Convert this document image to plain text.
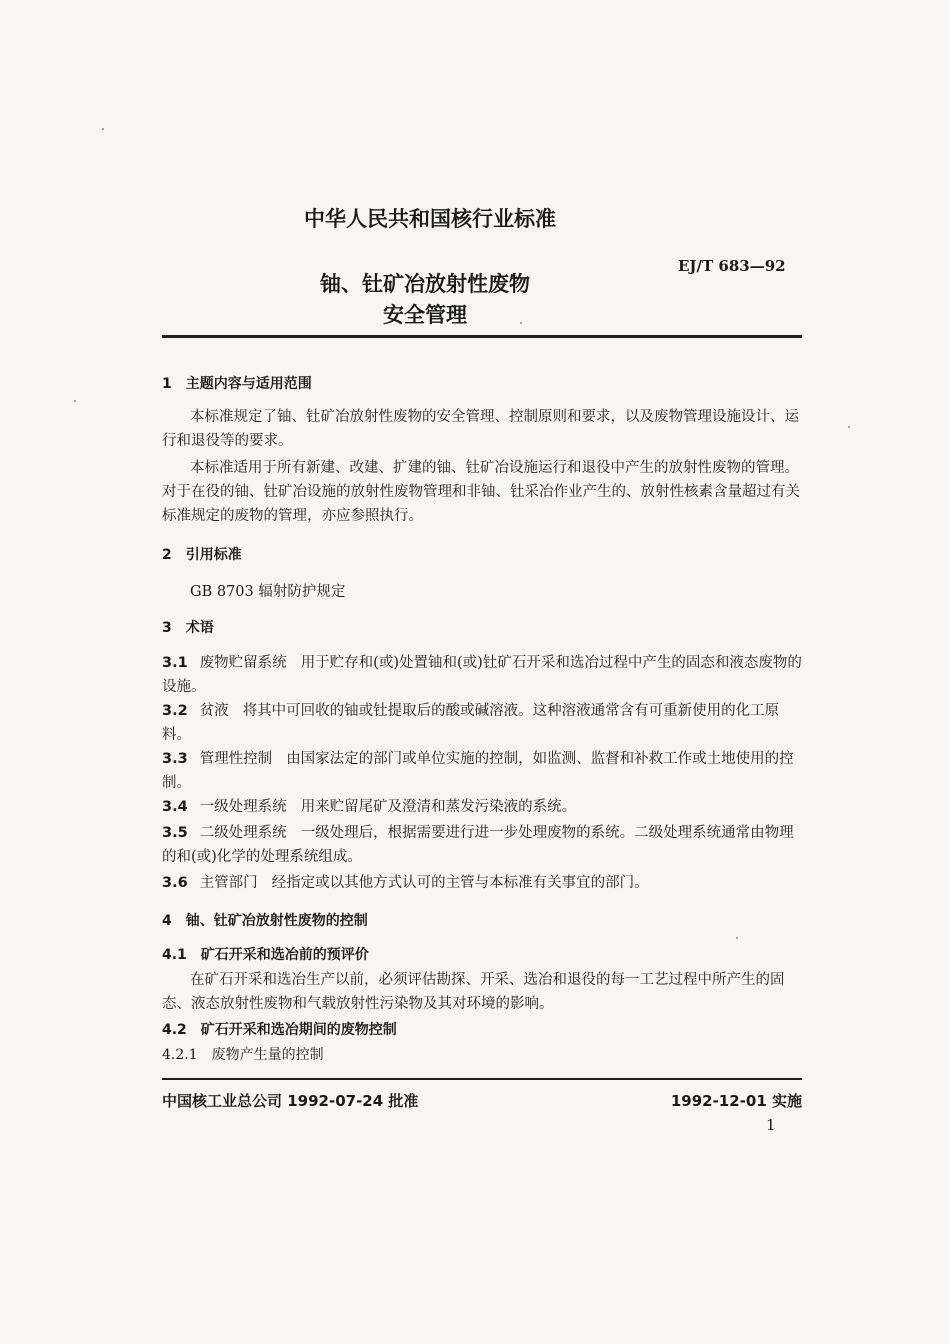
中华人民共和国核行业标准
EJ/T 683—92
铀、钍矿冶放射性废物
安全管理
1　主题内容与适用范围
本标准规定了铀、钍矿冶放射性废物的安全管理、控制原则和要求，以及废物管理设施设计、运行和退役等的要求。
本标准适用于所有新建、改建、扩建的铀、钍矿冶设施运行和退役中产生的放射性废物的管理。对于在役的铀、钍矿冶设施的放射性废物管理和非铀、钍采冶作业产生的、放射性核素含量超过有关标准规定的废物的管理，亦应参照执行。
2　引用标准
GB 8703 辐射防护规定
3　术语
3.1 废物贮留系统 用于贮存和(或)处置铀和(或)钍矿石开采和选冶过程中产生的固态和液态废物的设施。
3.2 贫液 将其中可回收的铀或钍提取后的酸或碱溶液。这种溶液通常含有可重新使用的化工原料。
3.3 管理性控制 由国家法定的部门或单位实施的控制，如监测、监督和补救工作或土地使用的控制。
3.4 一级处理系统 用来贮留尾矿及澄清和蒸发污染液的系统。
3.5 二级处理系统 一级处理后，根据需要进行进一步处理废物的系统。二级处理系统通常由物理的和(或)化学的处理系统组成。
3.6 主管部门 经指定或以其他方式认可的主管与本标准有关事宜的部门。
4　铀、钍矿冶放射性废物的控制
4.1　矿石开采和选冶前的预评价
在矿石开采和选冶生产以前，必须评估勘探、开采、选冶和退役的每一工艺过程中所产生的固态、液态放射性废物和气载放射性污染物及其对环境的影响。
4.2　矿石开采和选冶期间的废物控制
4.2.1　废物产生量的控制
中国核工业总公司 1992-07-24 批准	1992-12-01 实施
1
